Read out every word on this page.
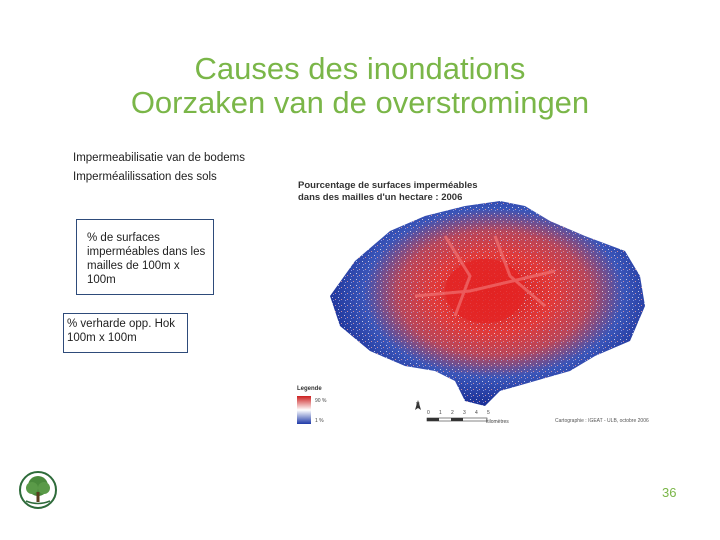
Causes des inondations
Oorzaken van de overstromingen
Impermeabilisatie van de bodems
Imperméalilissation des sols
% de surfaces imperméables dans les mailles de 100m x 100m
% verharde opp. Hok 100m x 100m
Pourcentage de surfaces imperméables
dans des mailles d'un hectare : 2006
Legende
90 %
1 %
N
0 1 2 3 4 5
kilomètres	Cartographie : IGEAT - ULB, octobre 2006
36
